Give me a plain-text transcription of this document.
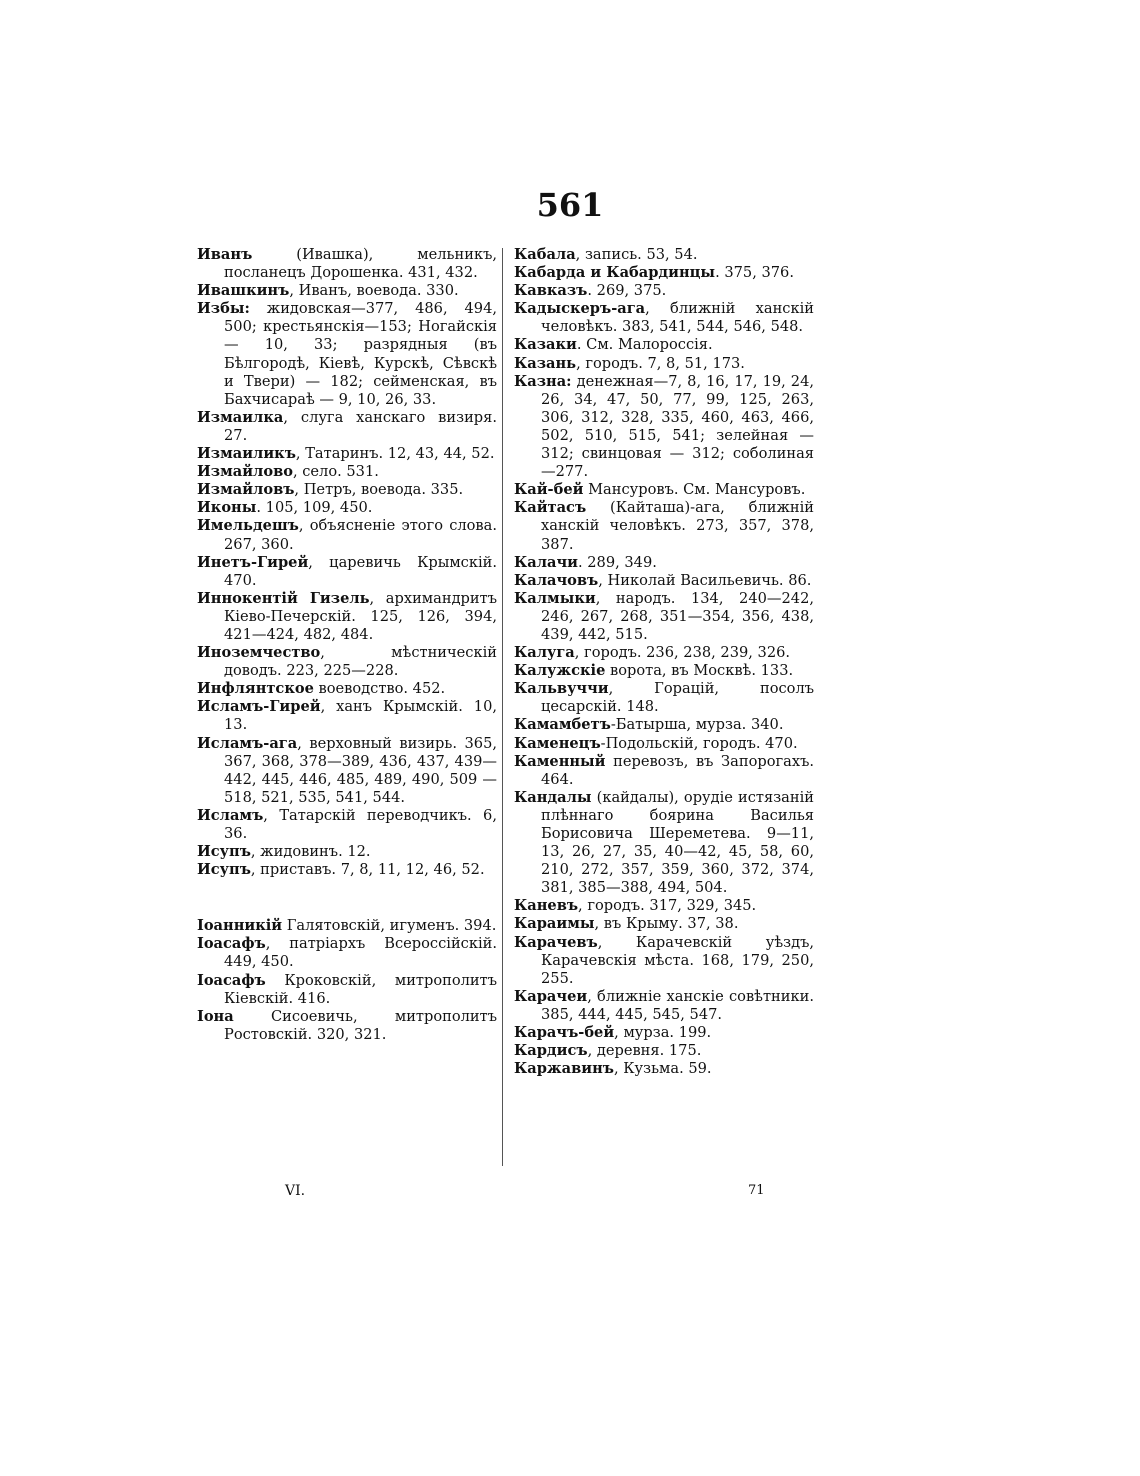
561

Иванъ (Ивашка), мельникъ, посланецъ Дорошенка. 431, 432.

Ивашкинъ, Иванъ, воевода. 330.

Избы: жидовская—377, 486, 494, 500; крестьянскія—153; Ногайскія — 10, 33; разрядныя (въ Бѣлгородѣ, Кіевѣ, Курскѣ, Сѣвскѣ и Твери) — 182; сейменская, въ Бахчисараѣ — 9, 10, 26, 33.

Измаилка, слуга ханскаго визиря. 27.

Измаиликъ, Татаринъ. 12, 43, 44, 52.

Измайлово, село. 531.

Измайловъ, Петръ, воевода. 335.

Иконы. 105, 109, 450.

Имельдешъ, объясненіе этого слова. 267, 360.

Инетъ-Гирей, царевичь Крымскій. 470.

Иннокентій Гизель, архимандритъ Кіево-Печерскій. 125, 126, 394, 421—424, 482, 484.

Иноземчество, мѣстническій доводъ. 223, 225—228.

Инфлянтское воеводство. 452.

Исламъ-Гирей, ханъ Крымскій. 10, 13.

Исламъ-ага, верховный визирь. 365, 367, 368, 378—389, 436, 437, 439—442, 445, 446, 485, 489, 490, 509 — 518, 521, 535, 541, 544.

Исламъ, Татарскій переводчикъ. 6, 36.

Исупъ, жидовинъ. 12.

Исупъ, приставъ. 7, 8, 11, 12, 46, 52.

Іоанникій Галятовскій, игуменъ. 394.

Іоасафъ, патріархъ Всероссійскій. 449, 450.

Іоасафъ Кроковскій, митрополитъ Кіевскій. 416.

Іона Сисоевичь, митрополитъ Ростовскій. 320, 321.

Кабала, запись. 53, 54.

Кабарда и Кабардинцы. 375, 376.

Кавказъ. 269, 375.

Кадыскеръ-ага, ближній ханскій человѣкъ. 383, 541, 544, 546, 548.

Казаки. См. Малороссія.

Казань, городъ. 7, 8, 51, 173.

Казна: денежная—7, 8, 16, 17, 19, 24, 26, 34, 47, 50, 77, 99, 125, 263, 306, 312, 328, 335, 460, 463, 466, 502, 510, 515, 541; зелейная — 312; свинцовая — 312; соболиная—277.

Кай-бей Мансуровъ. См. Мансуровъ.

Кайтасъ (Кайташа)-ага, ближній ханскій человѣкъ. 273, 357, 378, 387.

Калачи. 289, 349.

Калачовъ, Николай Васильевичь. 86.

Калмыки, народъ. 134, 240—242, 246, 267, 268, 351—354, 356, 438, 439, 442, 515.

Калуга, городъ. 236, 238, 239, 326.

Калужскіе ворота, въ Москвѣ. 133.

Кальвуччи, Горацій, посолъ цесарскій. 148.

Камамбетъ-Батырша, мурза. 340.

Каменецъ-Подольскій, городъ. 470.

Каменный перевозъ, въ Запорогахъ. 464.

Кандалы (кайдалы), орудіе истязаній плѣннаго боярина Василья Борисовича Шереметева. 9—11, 13, 26, 27, 35, 40—42, 45, 58, 60, 210, 272, 357, 359, 360, 372, 374, 381, 385—388, 494, 504.

Каневъ, городъ. 317, 329, 345.

Караимы, въ Крыму. 37, 38.

Карачевъ, Карачевскій уѣздъ, Карачевскія мѣста. 168, 179, 250, 255.

Карачеи, ближніе ханскіе совѣтники. 385, 444, 445, 545, 547.

Карачъ-бей, мурза. 199.

Кардисъ, деревня. 175.

Каржавинъ, Кузьма. 59.

VI.	71
